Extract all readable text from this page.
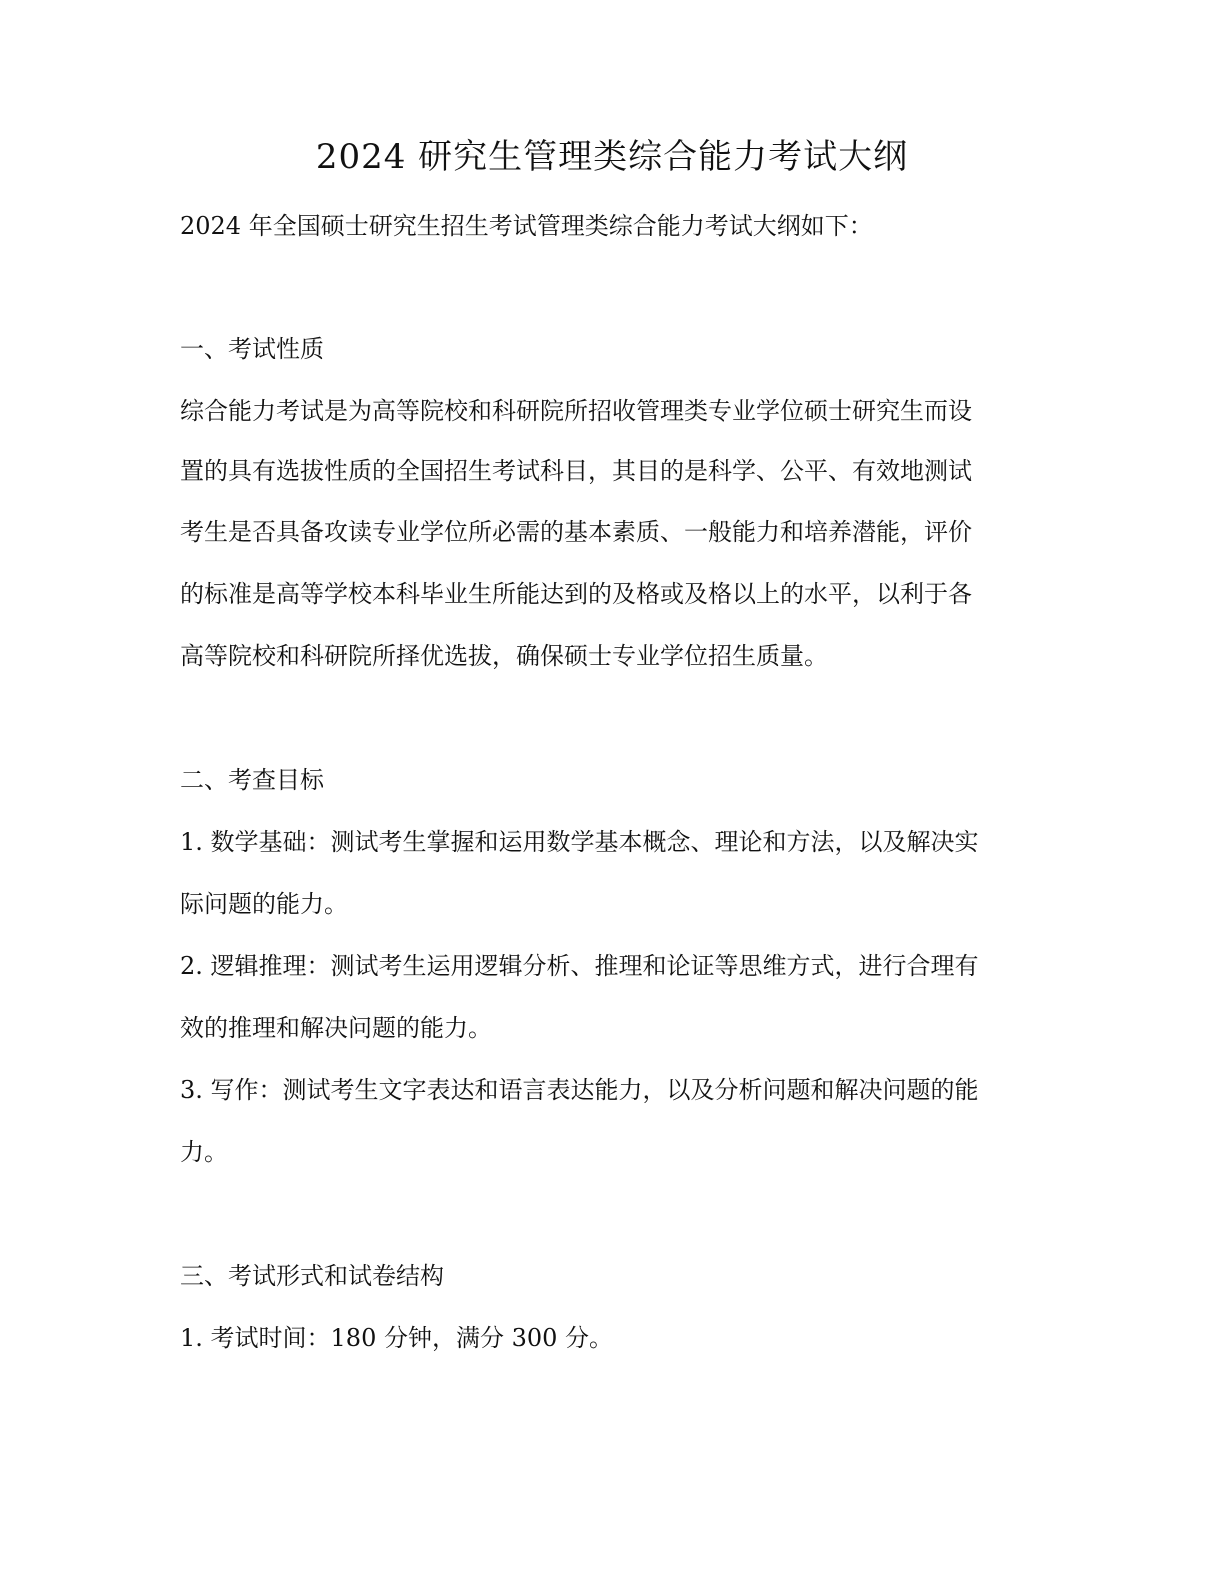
2024 研究生管理类综合能力考试大纲

2024 年全国硕士研究生招生考试管理类综合能力考试大纲如下：

一、考试性质

综合能力考试是为高等院校和科研院所招收管理类专业学位硕士研究生而设

置的具有选拔性质的全国招生考试科目，其目的是科学、公平、有效地测试

考生是否具备攻读专业学位所必需的基本素质、一般能力和培养潜能，评价

的标准是高等学校本科毕业生所能达到的及格或及格以上的水平，以利于各

高等院校和科研院所择优选拔，确保硕士专业学位招生质量。

二、考查目标

1. 数学基础：测试考生掌握和运用数学基本概念、理论和方法，以及解决实

际问题的能力。

2. 逻辑推理：测试考生运用逻辑分析、推理和论证等思维方式，进行合理有

效的推理和解决问题的能力。

3. 写作：测试考生文字表达和语言表达能力，以及分析问题和解决问题的能

力。

三、考试形式和试卷结构

1. 考试时间：180 分钟，满分 300 分。
